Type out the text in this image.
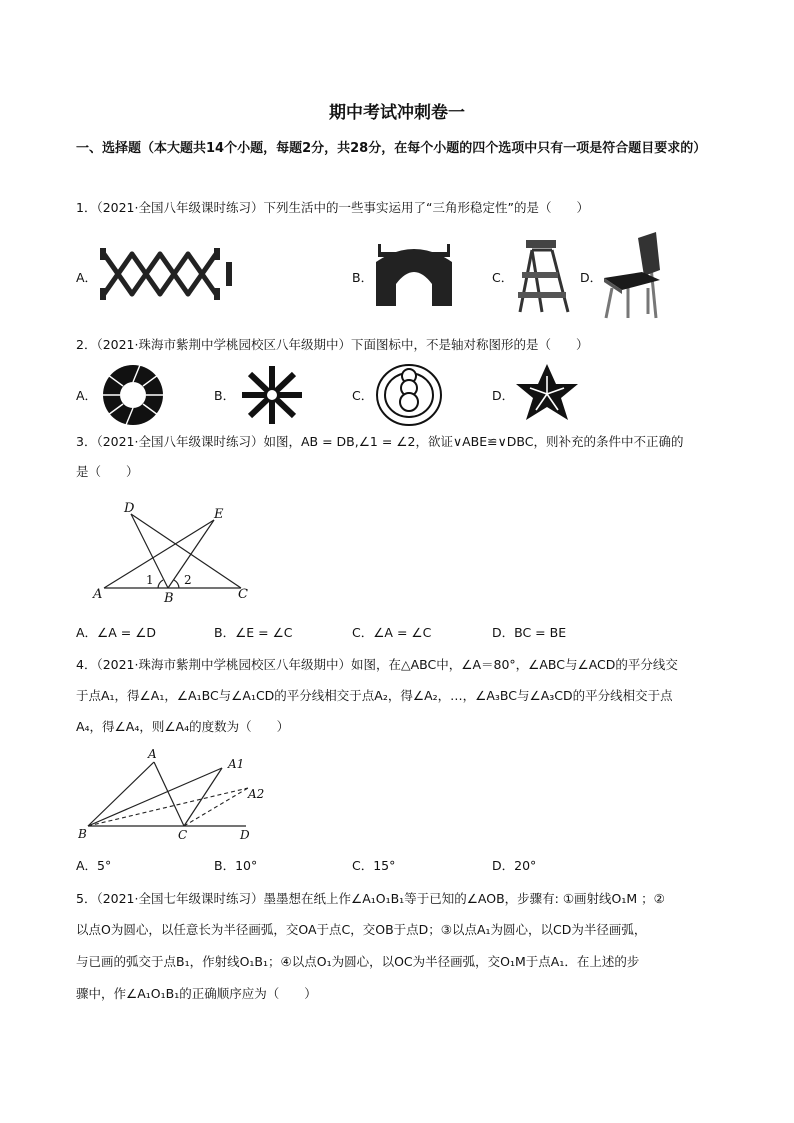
期中考试冲刺卷一
一、选择题（本大题共14个小题，每题2分，共28分，在每个小题的四个选项中只有一项是符合题目要求的）
1．（2021·全国八年级课时练习）下列生活中的一些事实运用了“三角形稳定性”的是（　　）
A．	B．	C．	D．
2．（2021·珠海市紫荆中学桃园校区八年级期中）下面图标中，不是轴对称图形的是（　　）
A．	B．	C．	D．
3．（2021·全国八年级课时练习）如图，AB = DB,∠1 = ∠2，欲证∨ABE≌∨DBC，则补充的条件中不正确的
是（　　）
D	E
A	B	C
1	2
A．∠A = ∠D	B．∠E = ∠C	C．∠A = ∠C	D．BC = BE
4．（2021·珠海市紫荆中学桃园校区八年级期中）如图，在△ABC中，∠A＝80°，∠ABC与∠ACD的平分线交
于点A₁，得∠A₁，∠A₁BC与∠A₁CD的平分线相交于点A₂，得∠A₂，…，∠A₃BC与∠A₃CD的平分线相交于点
A₄，得∠A₄，则∠A₄的度数为（　　）
A
A1
A2
B	C	D
A．5°	B．10°	C．15°	D．20°
5．（2021·全国七年级课时练习）墨墨想在纸上作∠A₁O₁B₁等于已知的∠AOB，步骤有: ①画射线O₁M ；②
以点O为圆心，以任意长为半径画弧，交OA于点C，交OB于点D；③以点A₁为圆心，以CD为半径画弧，
与已画的弧交于点B₁，作射线O₁B₁；④以点O₁为圆心，以OC为半径画弧，交O₁M于点A₁．在上述的步
骤中，作∠A₁O₁B₁的正确顺序应为（　　）
